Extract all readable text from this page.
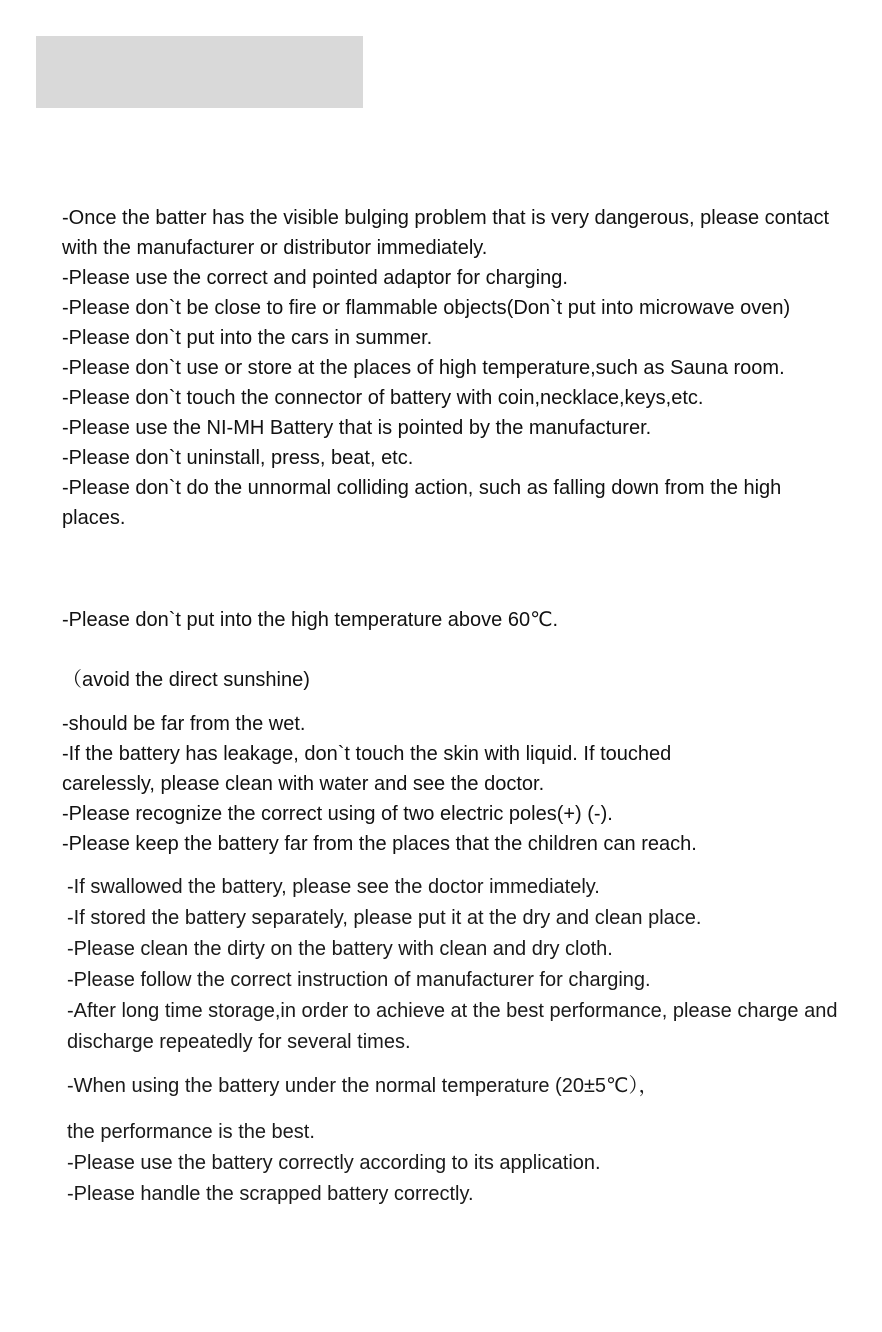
-Once the batter has the visible bulging problem that is very dangerous, please contact with the manufacturer or distributor immediately.

-Please use the correct and pointed adaptor for charging.

-Please don`t be close to fire or flammable objects(Don`t put into microwave oven)

-Please don`t put into the cars in summer.

-Please don`t use or store at the places of high temperature,such as Sauna room.

-Please don`t touch the connector of battery with coin,necklace,keys,etc.

-Please use the NI-MH Battery that is pointed by the manufacturer.

-Please don`t uninstall, press, beat, etc.

-Please don`t do the unnormal colliding action, such as falling down from the high places.

-Please don`t put into the high temperature above 60℃.

（avoid the direct sunshine)

-should be far from the wet.

-If the battery has leakage, don`t touch the skin with liquid. If touched carelessly, please clean with water and see the doctor.

-Please recognize the correct using of two electric poles(+) (-).

-Please keep the battery far from the places that the children can reach.

-If swallowed the battery, please see the doctor immediately.

-If stored the battery separately, please put it at the dry and clean place.

-Please clean the dirty on the battery with clean and dry cloth.

-Please follow the correct instruction of manufacturer for charging.

-After long time storage,in order to achieve at the best performance, please charge and discharge repeatedly for several times.

-When using the battery under the normal temperature (20±5℃），

the performance is the best.

-Please use the battery correctly according to its application.

-Please handle the scrapped battery correctly.
